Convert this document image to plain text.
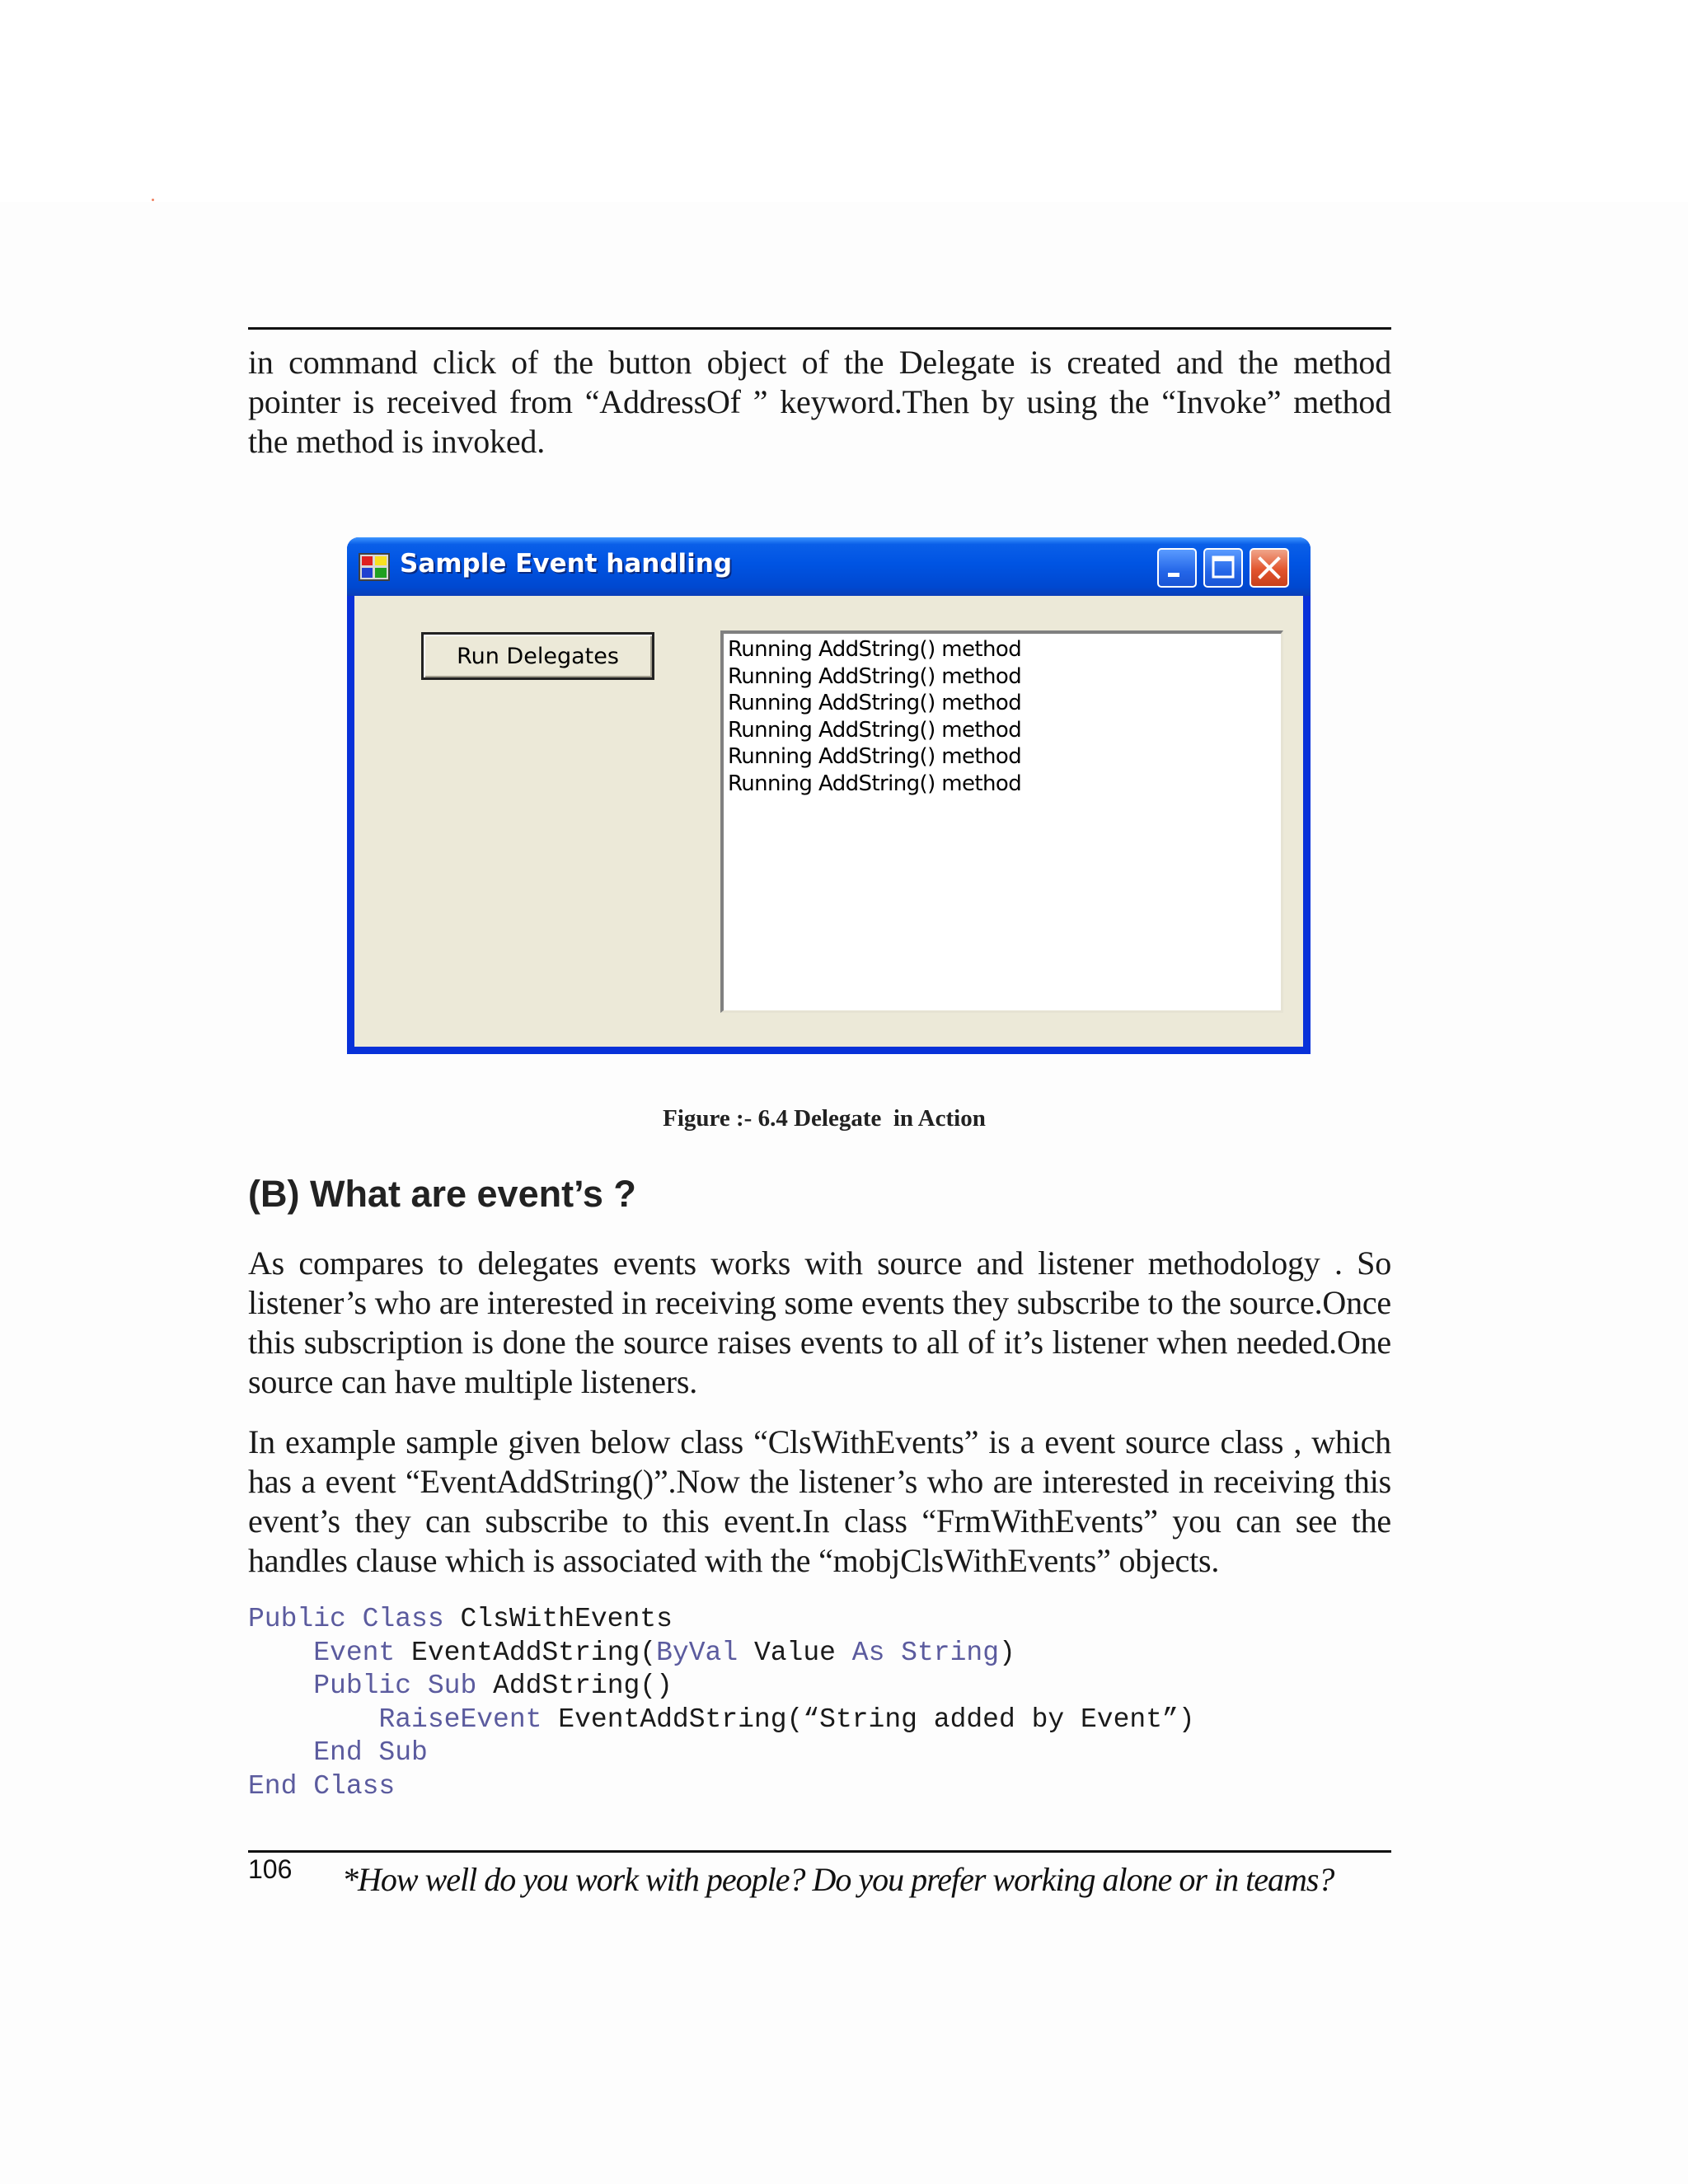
in command click of the button object of the Delegate is created and the method pointer is received from “AddressOf ” keyword.Then by using the “Invoke” method the method is invoked.

Sample Event handling
Run Delegates	Running AddString() method
Running AddString() method
Running AddString() method
Running AddString() method
Running AddString() method
Running AddString() method
Figure :- 6.4 Delegate  in Action
(B) What are event’s ?

As compares to delegates events works with source and listener methodology . So listener’s who are interested in receiving some events they subscribe to the source.Once this subscription is done the source raises events to all of it’s listener when needed.One source can have multiple listeners.

In example sample given below class “ClsWithEvents” is a event source class , which has a event “EventAddString()”.Now the listener’s who are interested in receiving this event’s they can subscribe to this event.In class “FrmWithEvents” you can see the handles clause which is associated with the “mobjClsWithEvents” objects.

Public Class ClsWithEvents
Event EventAddString(ByVal Value As String)
Public Sub AddString()
RaiseEvent EventAddString(“String added by Event”)
End Sub
End Class
106 *How well do you work with people? Do you prefer working alone or in teams?
